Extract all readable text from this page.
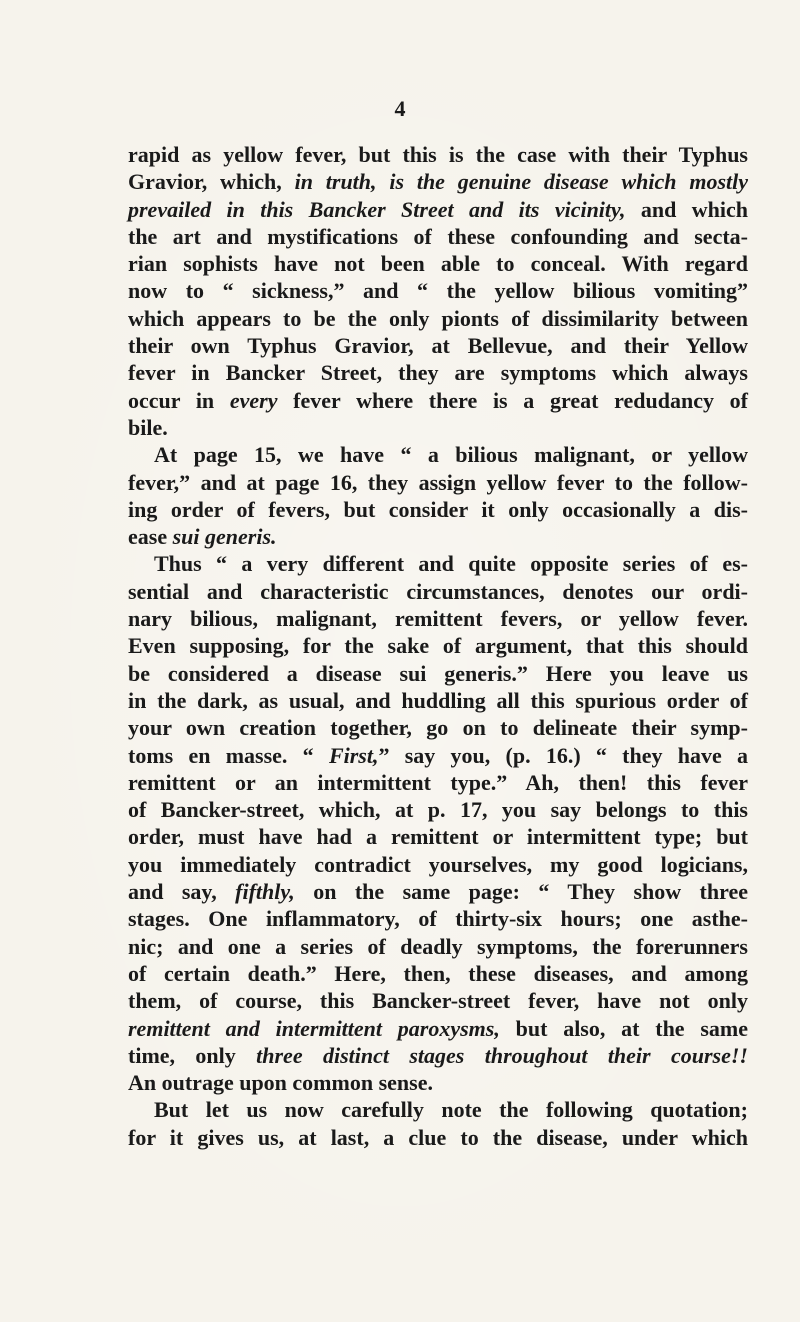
4
rapid as yellow fever, but this is the case with their Typhus
Gravior, which, in truth, is the genuine disease which mostly
prevailed in this Bancker Street and its vicinity, and which
the art and mystifications of these confounding and secta-
rian sophists have not been able to conceal. With regard
now to “ sickness,” and “ the yellow bilious vomiting”
which appears to be the only pionts of dissimilarity between
their own Typhus Gravior, at Bellevue, and their Yellow
fever in Bancker Street, they are symptoms which always
occur in every fever where there is a great redudancy of
bile.
At page 15, we have “ a bilious malignant, or yellow
fever,” and at page 16, they assign yellow fever to the follow-
ing order of fevers, but consider it only occasionally a dis-
ease sui generis.
Thus “ a very different and quite opposite series of es-
sential and characteristic circumstances, denotes our ordi-
nary bilious, malignant, remittent fevers, or yellow fever.
Even supposing, for the sake of argument, that this should
be considered a disease sui generis.” Here you leave us
in the dark, as usual, and huddling all this spurious order of
your own creation together, go on to delineate their symp-
toms en masse. “ First,” say you, (p. 16.) “ they have a
remittent or an intermittent type.” Ah, then! this fever
of Bancker-street, which, at p. 17, you say belongs to this
order, must have had a remittent or intermittent type; but
you immediately contradict yourselves, my good logicians,
and say, fifthly, on the same page: “ They show three
stages. One inflammatory, of thirty-six hours; one asthe-
nic; and one a series of deadly symptoms, the forerunners
of certain death.” Here, then, these diseases, and among
them, of course, this Bancker-street fever, have not only
remittent and intermittent paroxysms, but also, at the same
time, only three distinct stages throughout their course!!
An outrage upon common sense.
But let us now carefully note the following quotation;
for it gives us, at last, a clue to the disease, under which
